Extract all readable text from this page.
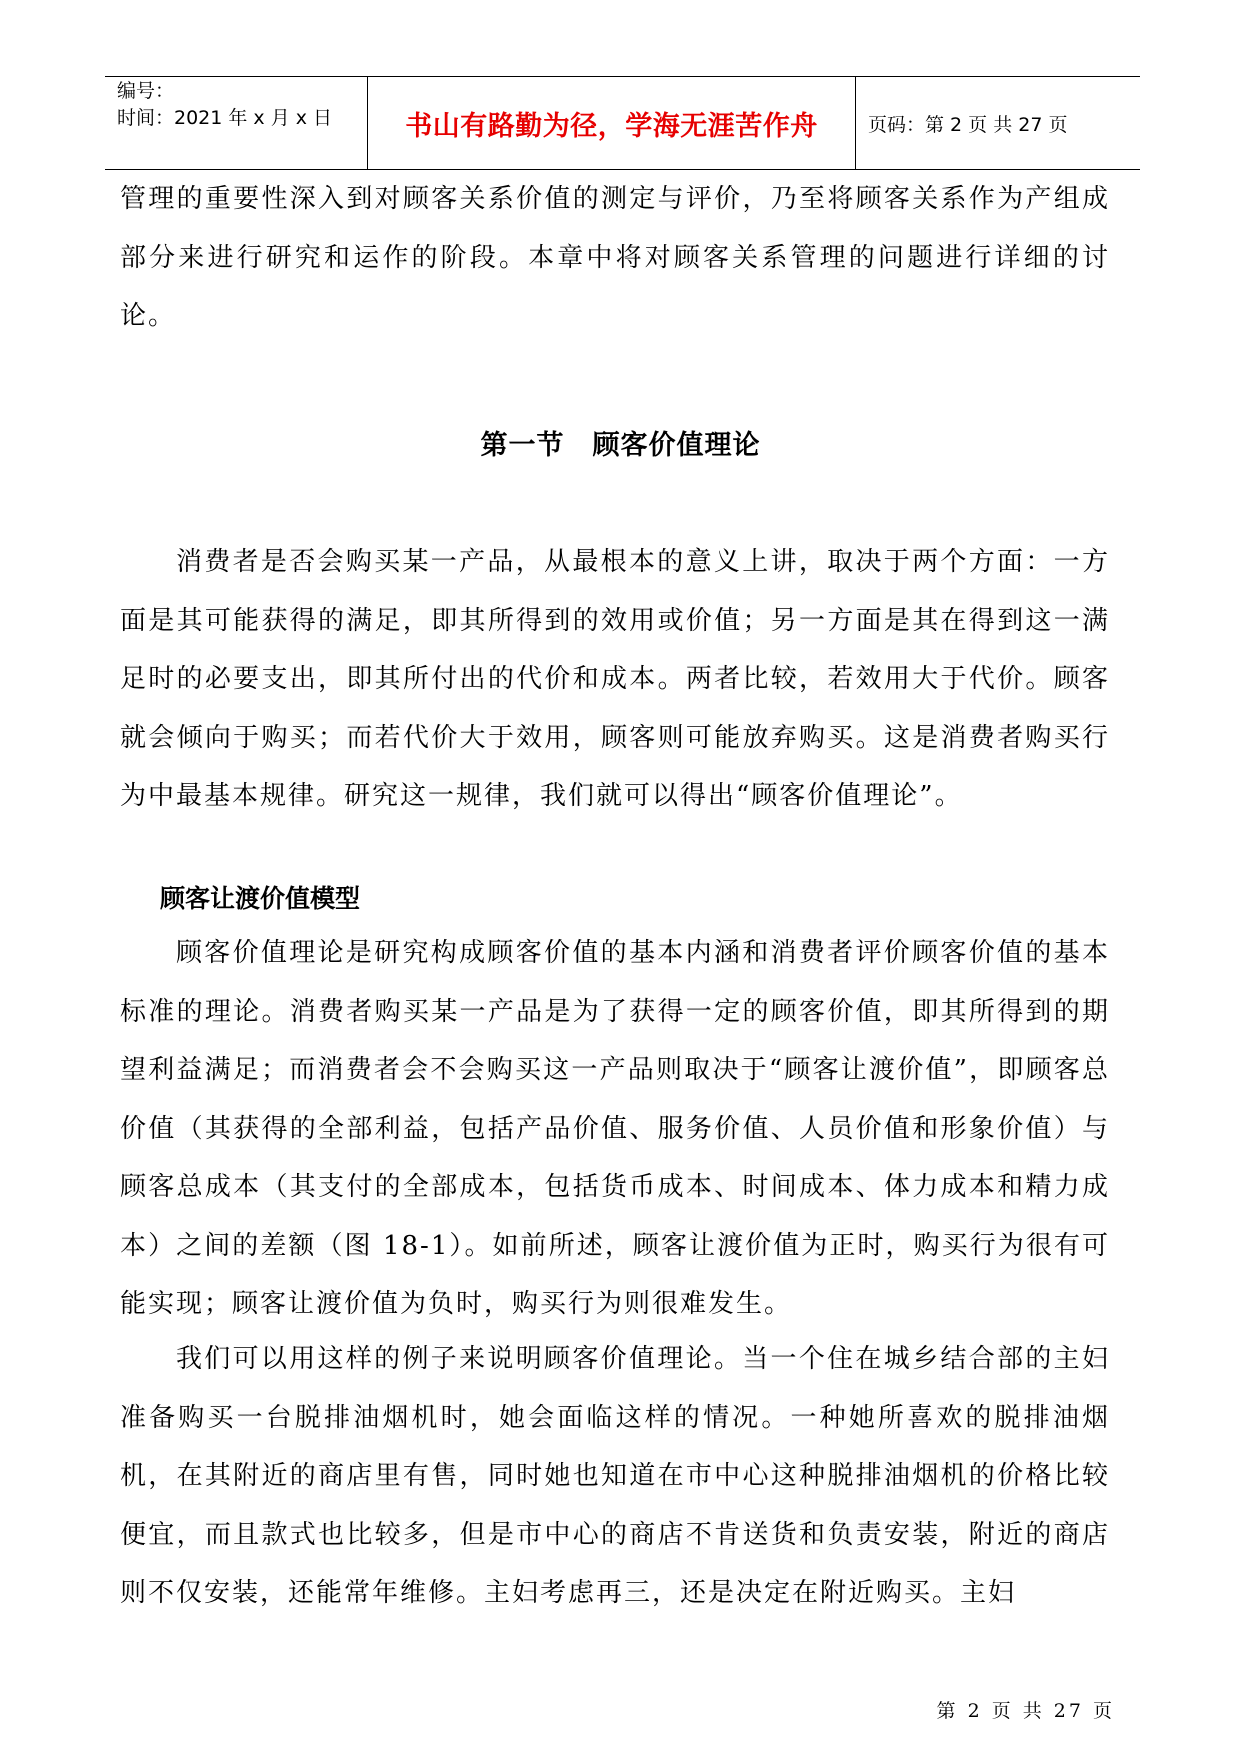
编号：
时间：2021 年 x 月 x 日	书山有路勤为径，学海无涯苦作舟	页码：第 2 页 共 27 页

管理的重要性深入到对顾客关系价值的测定与评价，乃至将顾客关系作为产组成部分来进行研究和运作的阶段。本章中将对顾客关系管理的问题进行详细的讨论。

第一节　顾客价值理论

消费者是否会购买某一产品，从最根本的意义上讲，取决于两个方面：一方面是其可能获得的满足，即其所得到的效用或价值；另一方面是其在得到这一满足时的必要支出，即其所付出的代价和成本。两者比较，若效用大于代价。顾客就会倾向于购买；而若代价大于效用，顾客则可能放弃购买。这是消费者购买行为中最基本规律。研究这一规律，我们就可以得出“顾客价值理论”。

顾客让渡价值模型

顾客价值理论是研究构成顾客价值的基本内涵和消费者评价顾客价值的基本标准的理论。消费者购买某一产品是为了获得一定的顾客价值，即其所得到的期望利益满足；而消费者会不会购买这一产品则取决于“顾客让渡价值”，即顾客总价值（其获得的全部利益，包括产品价值、服务价值、人员价值和形象价值）与顾客总成本（其支付的全部成本，包括货币成本、时间成本、体力成本和精力成本）之间的差额（图 18-1）。如前所述，顾客让渡价值为正时，购买行为很有可能实现；顾客让渡价值为负时，购买行为则很难发生。

我们可以用这样的例子来说明顾客价值理论。当一个住在城乡结合部的主妇准备购买一台脱排油烟机时，她会面临这样的情况。一种她所喜欢的脱排油烟机，在其附近的商店里有售，同时她也知道在市中心这种脱排油烟机的价格比较便宜，而且款式也比较多，但是市中心的商店不肯送货和负责安装，附近的商店则不仅安装，还能常年维修。主妇考虑再三，还是决定在附近购买。主妇

第 2 页 共 27 页
